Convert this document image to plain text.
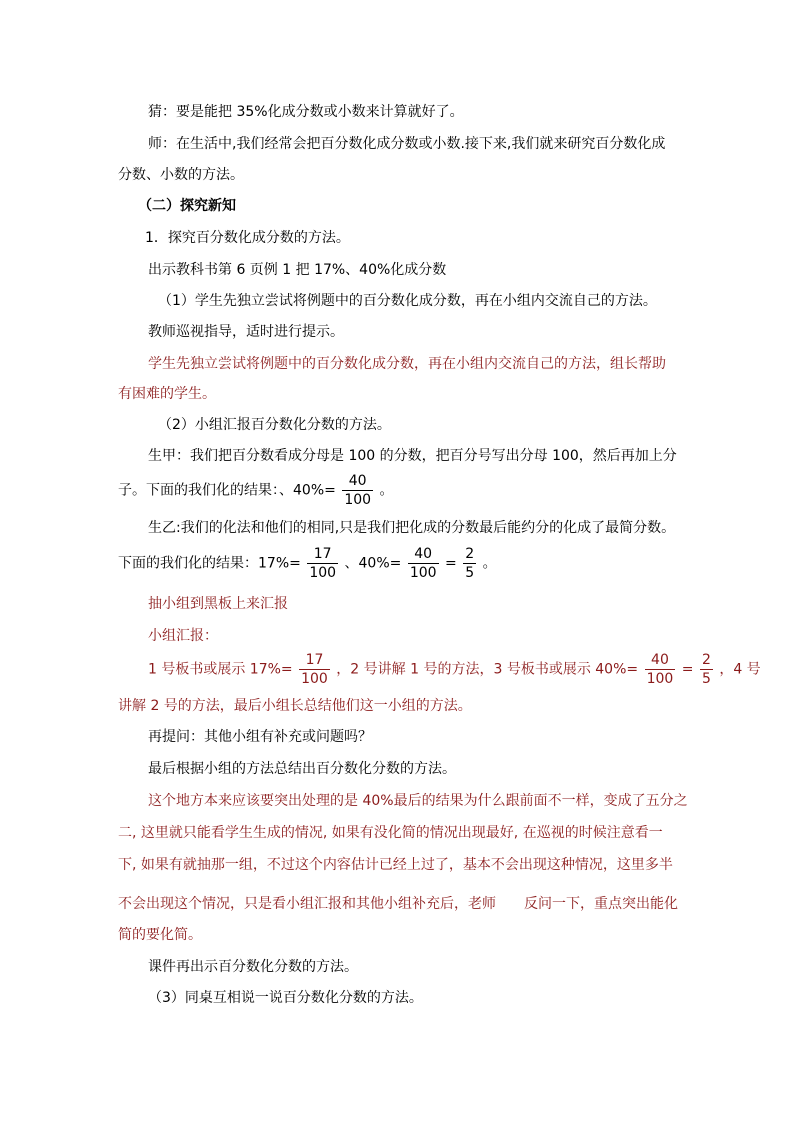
猜：要是能把 35%化成分数或小数来计算就好了。
师：在生活中,我们经常会把百分数化成分数或小数.接下来,我们就来研究百分数化成
分数、小数的方法。
（二）探究新知
1．探究百分数化成分数的方法。
出示教科书第 6 页例 1 把 17%、40%化成分数
（1）学生先独立尝试将例题中的百分数化成分数，再在小组内交流自己的方法。
教师巡视指导，适时进行提示。
学生先独立尝试将例题中的百分数化成分数，再在小组内交流自己的方法，组长帮助
有困难的学生。
（2）小组汇报百分数化分数的方法。
生甲：我们把百分数看成分母是 100 的分数，把百分号写出分母 100，然后再加上分
子。下面的我们化的结果：、$40\%= \frac{40}{100}$ 。
生乙:我们的化法和他们的相同,只是我们把化成的分数最后能约分的化成了最简分数。
下面的我们化的结果：$17\%= \frac{17}{100}$ 、$40\%= \frac{40}{100} = \frac{2}{5}$ 。
抽小组到黑板上来汇报
小组汇报：
1 号板书或展示 $17\%= \frac{17}{100}$ ，2 号讲解 1 号的方法，3 号板书或展示 $40\%= \frac{40}{100} = \frac{2}{5}$ ，4 号
讲解 2 号的方法，最后小组长总结他们这一小组的方法。
再提问：其他小组有补充或问题吗？
最后根据小组的方法总结出百分数化分数的方法。
这个地方本来应该要突出处理的是 40%最后的结果为什么跟前面不一样，变成了五分之
二, 这里就只能看学生生成的情况, 如果有没化简的情况出现最好, 在巡视的时候注意看一
下, 如果有就抽那一组，不过这个内容估计已经上过了，基本不会出现这种情况，这里多半
不会出现这个情况，只是看小组汇报和其他小组补充后，老师　　反问一下，重点突出能化
简的要化简。
课件再出示百分数化分数的方法。
（3）同桌互相说一说百分数化分数的方法。
